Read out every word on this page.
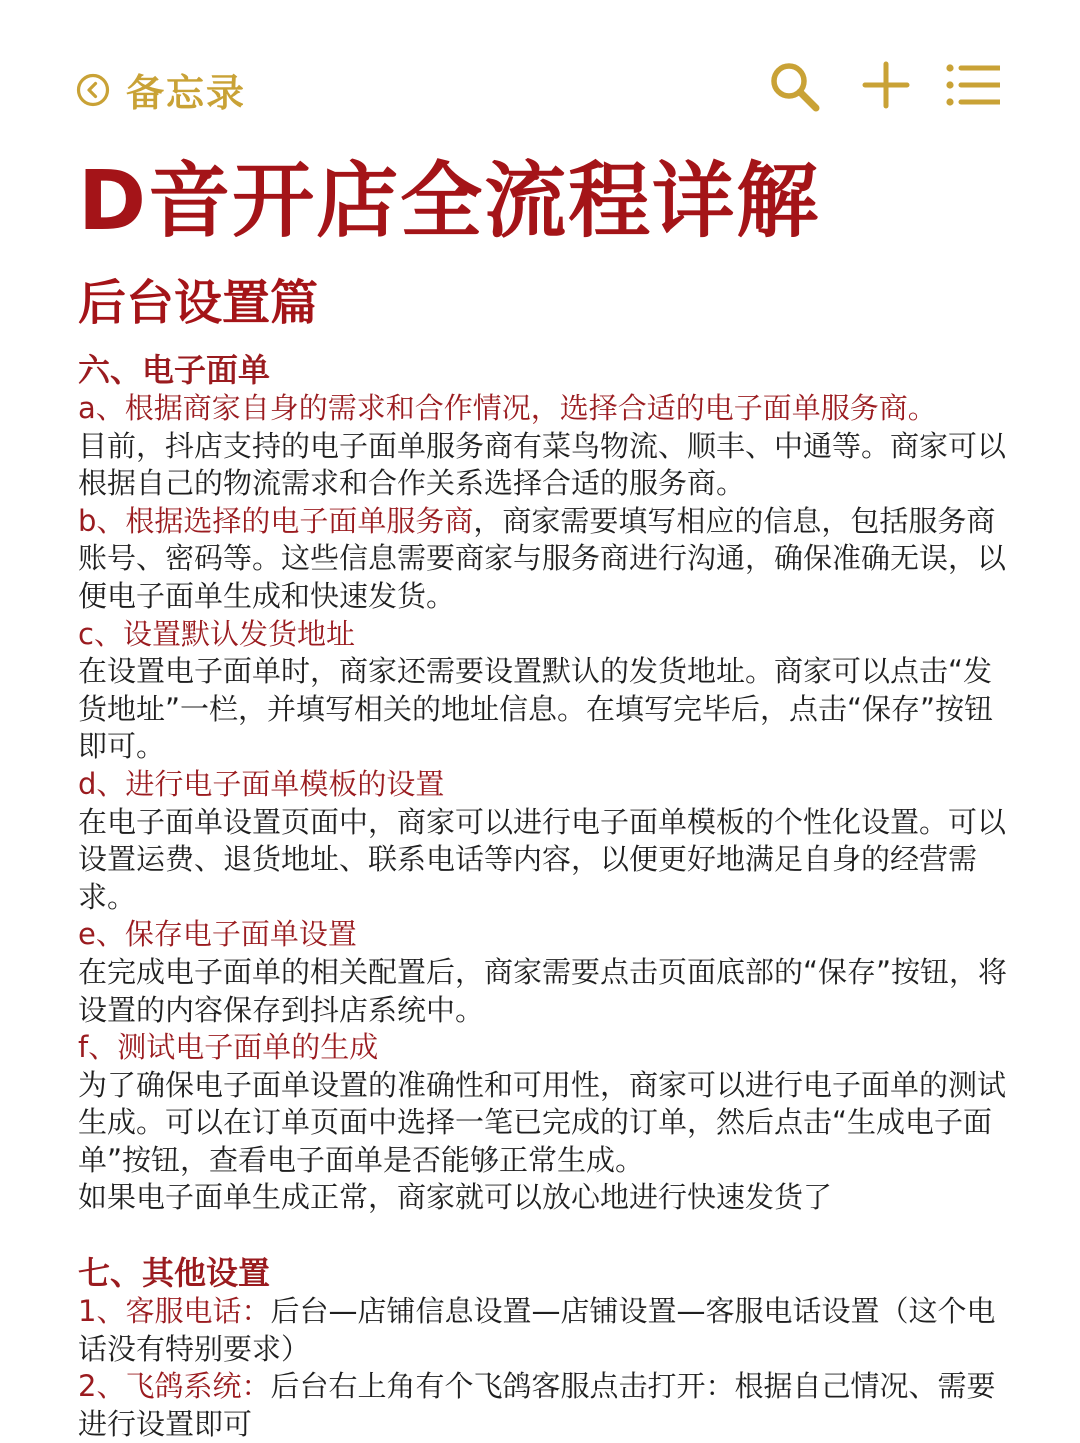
备忘录
D音开店全流程详解
后台设置篇

六、电子面单

a、根据商家自身的需求和合作情况，选择合适的电子面单服务商。
目前，抖店支持的电子面单服务商有菜鸟物流、顺丰、中通等。商家可以根据自己的物流需求和合作关系选择合适的服务商。

b、根据选择的电子面单服务商，商家需要填写相应的信息，包括服务商账号、密码等。这些信息需要商家与服务商进行沟通，确保准确无误，以便电子面单生成和快速发货。

c、设置默认发货地址
在设置电子面单时，商家还需要设置默认的发货地址。商家可以点击“发货地址”一栏，并填写相关的地址信息。在填写完毕后，点击“保存”按钮即可。

d、进行电子面单模板的设置
在电子面单设置页面中，商家可以进行电子面单模板的个性化设置。可以设置运费、退货地址、联系电话等内容，以便更好地满足自身的经营需求。

e、保存电子面单设置
在完成电子面单的相关配置后，商家需要点击页面底部的“保存”按钮，将设置的内容保存到抖店系统中。

f、测试电子面单的生成
为了确保电子面单设置的准确性和可用性，商家可以进行电子面单的测试生成。可以在订单页面中选择一笔已完成的订单，然后点击“生成电子面单”按钮，查看电子面单是否能够正常生成。
如果电子面单生成正常，商家就可以放心地进行快速发货了

七、其他设置

1、客服电话：后台—店铺信息设置—店铺设置—客服电话设置（这个电话没有特别要求）

2、飞鸽系统：后台右上角有个飞鸽客服点击打开：根据自己情况、需要进行设置即可
